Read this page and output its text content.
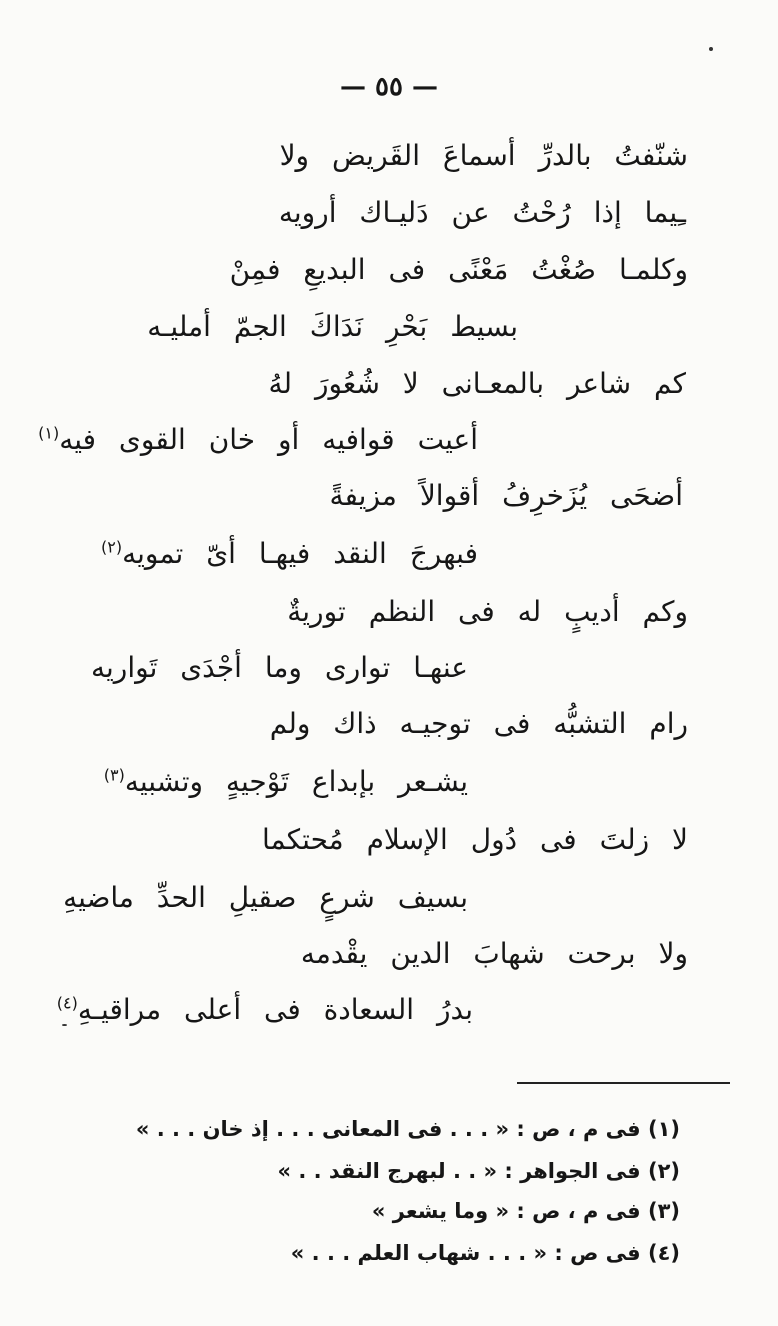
— ٥٥ —
شنّفتُ بالدرِّ أسماعَ القَريض ولا
ـِيما إذا رُحْتُ عن دَليـاك أرويه
وكلمـا صُغْتُ مَعْنًى فى البديعِ فمِنْ
بسيط بَحْرِ نَدَاكَ الجمّ أمليـه
كم شاعر بالمعـانى لا شُعُورَ لهُ
أعيت قوافيه أو خان القوى فيه$^{(١)}$
أضحَى يُزَخرِفُ أقوالاً مزيفةً
فبهرجَ النقد فيهـا أىّ تمويه$^{(٢)}$
وكم أديبٍ له فى النظم توريةٌ
عنهـا توارى وما أجْدَى تَواريه
رام التشبُّه فى توجيـه ذاك ولم
يشـعر بإبداع تَوْجيهٍ وتشبيه$^{(٣)}$
لا زلتَ فى دُول الإسلام مُحتكما
بسيف شرعٍ صقيلِ الحدِّ ماضيهِ
ولا برحت شهابَ الدين يقْدمه
بدرُ السعادة فى أعلى مراقيـهِ$^{(٤)}$
(١) فى م ، ص : « . . . فى المعانى . . . إذ خان . . . »
(٢) فى الجواهر : « . . لبهرج النقد . . »
(٣) فى م ، ص : « وما يشعر »
(٤) فى ص : « . . . شهاب العلم . . . »
